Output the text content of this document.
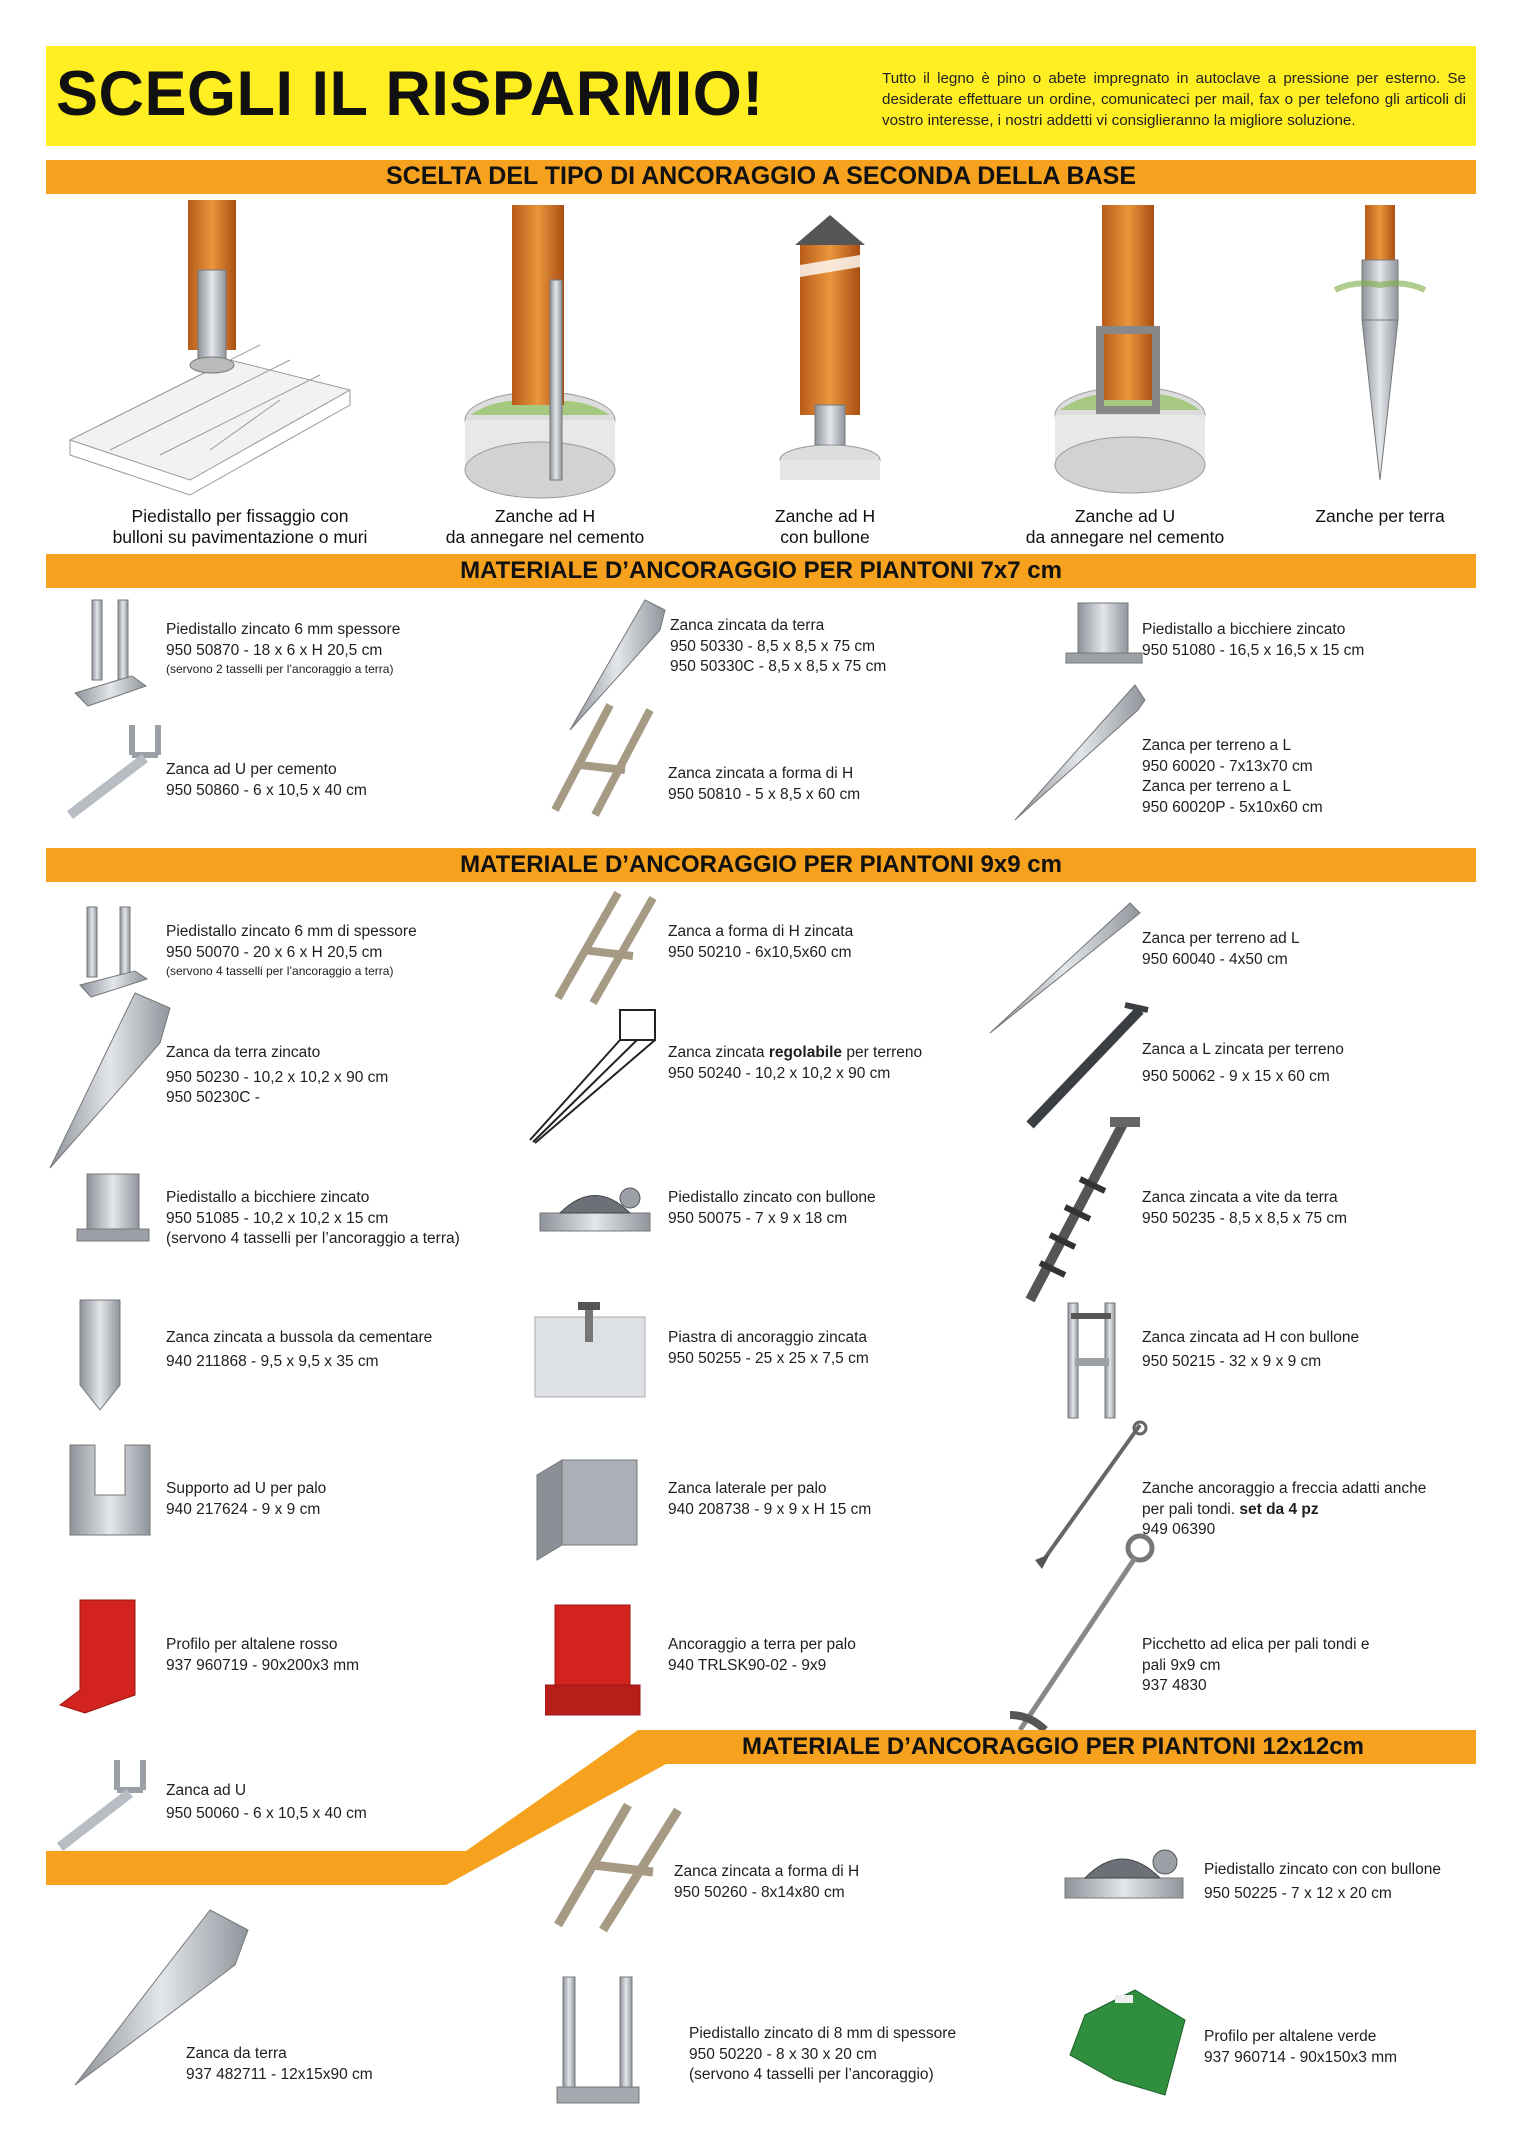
SCEGLI IL RISPARMIO!	Tutto il legno è pino o abete impregnato in autoclave a pressione per esterno. Se desiderate effettuare un ordine, comunicateci per mail, fax o per telefono gli articoli di vostro interesse, i nostri addetti vi consiglieranno la migliore soluzione.
SCELTA DEL TIPO DI ANCORAGGIO A SECONDA DELLA BASE
Piedistallo per fissaggio con
bulloni su pavimentazione o muri
Zanche ad H
da annegare nel cemento
Zanche ad H
con bullone
Zanche ad U
da annegare nel cemento
Zanche per terra
MATERIALE D’ANCORAGGIO PER PIANTONI 7x7 cm
Piedistallo zincato 6 mm spessore
950 50870 - 18 x 6 x H 20,5 cm
(servono 2 tasselli per l’ancoraggio a terra)
Zanca zincata da terra
950 50330 - 8,5 x 8,5 x 75 cm
950 50330C - 8,5 x 8,5 x 75 cm
Piedistallo a bicchiere zincato
950 51080 - 16,5 x 16,5 x 15 cm
Zanca ad U per cemento
950 50860 - 6 x 10,5 x 40 cm
Zanca zincata a forma di H
950 50810 - 5 x 8,5 x 60 cm
Zanca per terreno a L
950 60020 - 7x13x70 cm
Zanca per terreno a L
950 60020P - 5x10x60 cm
MATERIALE D’ANCORAGGIO PER PIANTONI 9x9 cm
Piedistallo zincato 6 mm di spessore
950 50070 - 20 x 6 x H 20,5 cm
(servono 4 tasselli per l’ancoraggio a terra)
Zanca a forma di H zincata
950 50210 - 6x10,5x60 cm
Zanca per terreno ad L
950 60040 - 4x50 cm
Zanca da terra zincato
950 50230 - 10,2 x 10,2 x 90 cm
950 50230C -
Zanca zincata regolabile per terreno
950 50240 - 10,2 x 10,2 x 90 cm
Zanca a L zincata per terreno
950 50062 - 9 x 15 x 60 cm
Piedistallo a bicchiere zincato
950 51085 - 10,2 x 10,2 x 15 cm
(servono 4 tasselli per l’ancoraggio a terra)
Piedistallo zincato con bullone
950 50075 - 7 x 9 x 18 cm
Zanca zincata a vite da terra
950 50235 - 8,5 x 8,5 x 75 cm
Zanca zincata a bussola da cementare
940 211868 - 9,5 x 9,5 x 35 cm
Piastra di ancoraggio zincata
950 50255 - 25 x 25 x 7,5 cm
Zanca zincata ad H con bullone
950 50215 - 32 x 9 x 9 cm
Supporto ad U per palo
940 217624 - 9 x 9 cm
Zanca laterale per palo
940 208738 - 9 x 9 x H 15 cm
Zanche ancoraggio a freccia adatti anche
per pali tondi. set da 4 pz
949 06390
Profilo per altalene rosso
937 960719 - 90x200x3 mm
Ancoraggio a terra per palo
940 TRLSK90-02 - 9x9
Picchetto ad elica per pali tondi e
pali 9x9 cm
937 4830
Zanca ad U
950 50060 - 6 x 10,5 x 40 cm
MATERIALE D’ANCORAGGIO PER PIANTONI 12x12cm
Zanca zincata a forma di H
950 50260 - 8x14x80 cm
Piedistallo zincato con con bullone
950 50225 - 7 x 12 x 20 cm
Zanca da terra
937 482711 - 12x15x90 cm
Piedistallo zincato di 8 mm di spessore
950 50220 - 8 x 30 x 20 cm
(servono 4 tasselli per l’ancoraggio)
Profilo per altalene verde
937 960714 - 90x150x3 mm
